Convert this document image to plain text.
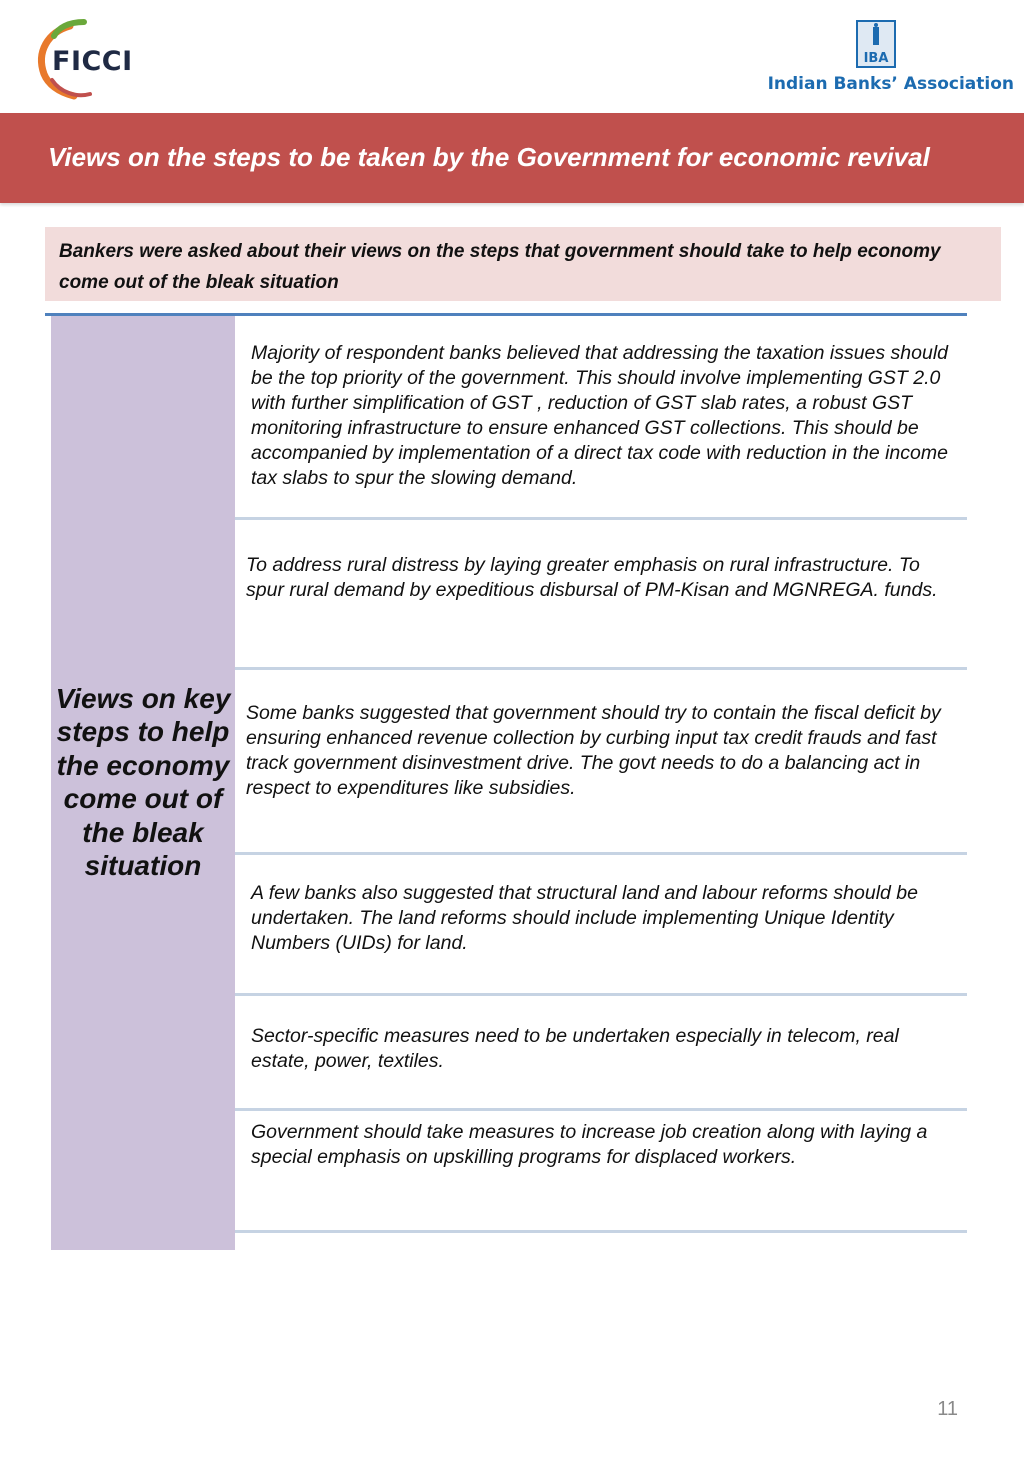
FICCI	IBA
Indian Banks’ Association
Views on the steps to be taken by the Government for economic revival
Bankers were asked about their views on the steps that government should take to help economy come out of the bleak situation
Views on key steps to help the economy come out of the bleak situation
Majority of respondent banks believed that addressing the taxation issues should be the top priority of the government. This should involve implementing GST 2.0 with further simplification of GST , reduction of GST slab rates, a robust GST monitoring infrastructure to ensure enhanced GST collections. This should be accompanied by implementation of a direct tax code with reduction in the income tax slabs to spur the slowing demand.
To address rural distress by laying greater emphasis on rural infrastructure. To spur rural demand by expeditious disbursal of PM-Kisan and MGNREGA. funds.
Some banks suggested that government should try to contain the fiscal deficit by ensuring enhanced revenue collection by curbing input tax credit frauds and fast track government disinvestment drive. The govt needs to do a balancing act in respect to expenditures like subsidies.
A few banks also suggested that structural land and labour reforms should be undertaken. The land reforms should include implementing Unique Identity Numbers (UIDs) for land.
Sector-specific measures need to be undertaken especially in telecom, real estate, power, textiles.
Government should take measures to increase job creation along with laying a special emphasis on upskilling programs for displaced workers.
11
